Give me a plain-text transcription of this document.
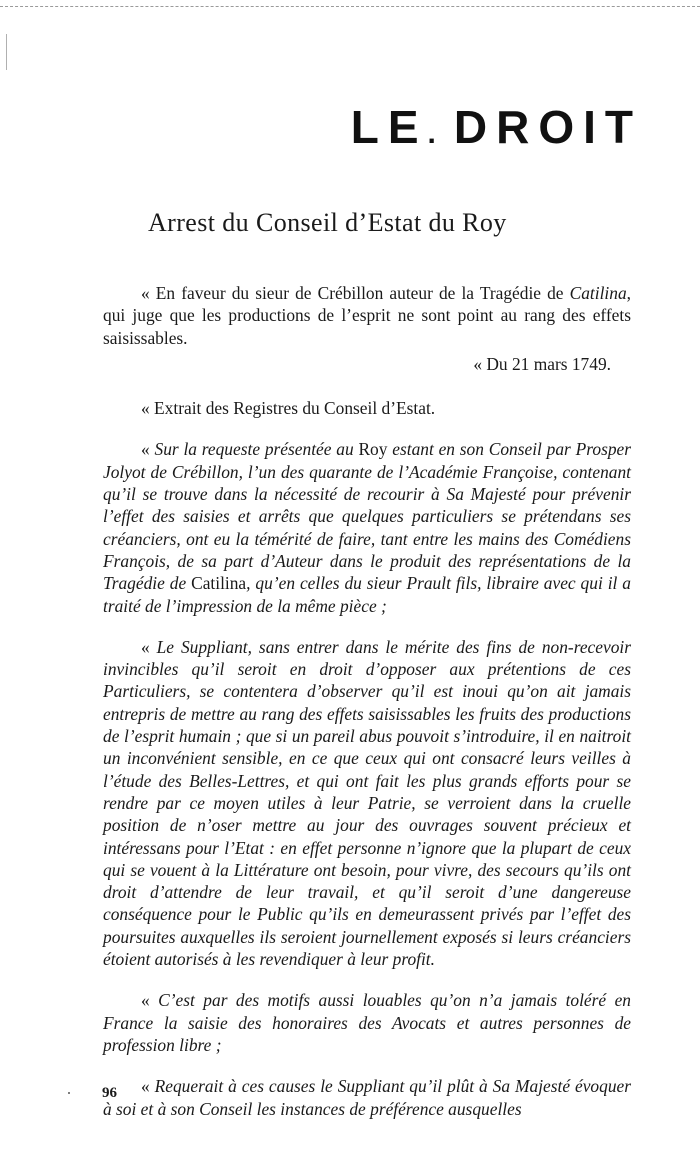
LE.DROIT
Arrest du Conseil d’Estat du Roy

« En faveur du sieur de Crébillon auteur de la Tragédie de Catilina, qui juge que les productions de l’esprit ne sont point au rang des effets saisissables.

« Du 21 mars 1749.

« Extrait des Registres du Conseil d’Estat.

« Sur la requeste présentée au Roy estant en son Conseil par Prosper Jolyot de Crébillon, l’un des quarante de l’Académie Françoise, contenant qu’il se trouve dans la nécessité de recourir à Sa Majesté pour prévenir l’effet des saisies et arrêts que quelques particuliers se prétendans ses créanciers, ont eu la témérité de faire, tant entre les mains des Comédiens François, de sa part d’Auteur dans le produit des représentations de la Tragédie de Catilina, qu’en celles du sieur Prault fils, libraire avec qui il a traité de l’impression de la même pièce ;

« Le Suppliant, sans entrer dans le mérite des fins de non-recevoir invincibles qu’il seroit en droit d’opposer aux prétentions de ces Particuliers, se contentera d’observer qu’il est inoui qu’on ait jamais entrepris de mettre au rang des effets saisissables les fruits des productions de l’esprit humain ; que si un pareil abus pouvoit s’introduire, il en naitroit un inconvénient sensible, en ce que ceux qui ont consacré leurs veilles à l’étude des Belles-Lettres, et qui ont fait les plus grands efforts pour se rendre par ce moyen utiles à leur Patrie, se verroient dans la cruelle position de n’oser mettre au jour des ouvrages souvent précieux et intéressans pour l’Etat : en effet personne n’ignore que la plupart de ceux qui se vouent à la Littérature ont besoin, pour vivre, des secours qu’ils ont droit d’attendre de leur travail, et qu’il seroit d’une dangereuse conséquence pour le Public qu’ils en demeurassent privés par l’effet des poursuites auxquelles ils seroient journellement exposés si leurs créanciers étoient autorisés à les revendiquer à leur profit.

« C’est par des motifs aussi louables qu’on n’a jamais toléré en France la saisie des honoraires des Avocats et autres personnes de profession libre ;

« Requerait à ces causes le Suppliant qu’il plût à Sa Majesté évoquer à soi et à son Conseil les instances de préférence ausquelles

96
